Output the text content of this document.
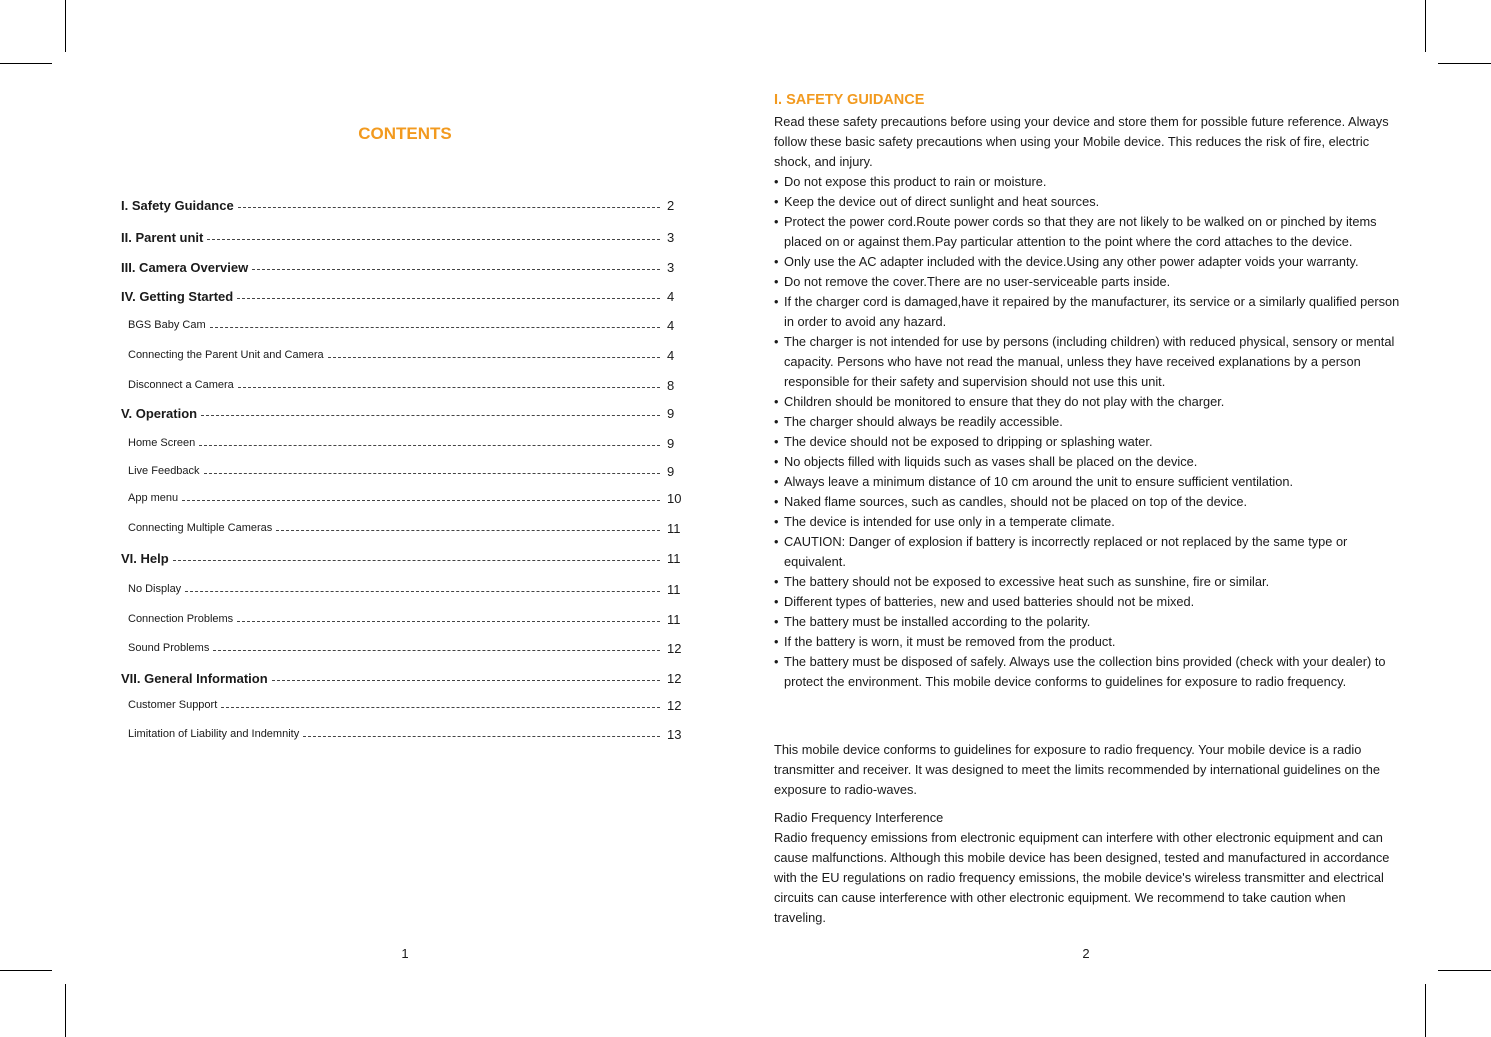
CONTENTS
I. Safety Guidance	2
II. Parent unit	3
III. Camera Overview	3
IV. Getting Started	4
BGS Baby Cam	4
Connecting the Parent Unit and Camera	4
Disconnect a Camera	8
V. Operation	9
Home Screen	9
Live Feedback	9
App menu	10
Connecting Multiple Cameras	11
VI. Help	11
No Display	11
Connection Problems	11
Sound Problems	12
VII. General Information	12
Customer Support	12
Limitation of Liability and Indemnity	13
1
I. SAFETY GUIDANCE

Read these safety precautions before using your device and store them for possible future reference. Always follow these basic safety precautions when using your Mobile device. This reduces the risk of fire, electric shock, and injury.

• Do not expose this product to rain or moisture.
• Keep the device out of direct sunlight and heat sources.
• Protect the power cord.Route power cords so that they are not likely to be walked on or pinched by items placed on or against them.Pay particular attention to the point where the cord attaches to the device.
• Only use the AC adapter included with the device.Using any other power adapter voids your warranty.
• Do not remove the cover.There are no user-serviceable parts inside.
• If the charger cord is damaged,have it repaired by the manufacturer, its service or a similarly qualified person in order to avoid any hazard.
• The charger is not intended for use by persons (including children) with reduced physical, sensory or mental capacity. Persons who have not read the manual, unless they have received explanations by a person responsible for their safety and supervision should not use this unit.
• Children should be monitored to ensure that they do not play with the charger.
• The charger should always be readily accessible.
• The device should not be exposed to dripping or splashing water.
• No objects filled with liquids such as vases shall be placed on the device.
• Always leave a minimum distance of 10 cm around the unit to ensure sufficient ventilation.
• Naked flame sources, such as candles, should not be placed on top of the device.
• The device is intended for use only in a temperate climate.
• CAUTION: Danger of explosion if battery is incorrectly replaced or not replaced by the same type or equivalent.
• The battery should not be exposed to excessive heat such as sunshine, fire or similar.
• Different types of batteries, new and used batteries should not be mixed.
• The battery must be installed according to the polarity.
• If the battery is worn, it must be removed from the product.
• The battery must be disposed of safely. Always use the collection bins provided (check with your dealer) to protect the environment. This mobile device conforms to guidelines for exposure to radio frequency.

This mobile device conforms to guidelines for exposure to radio frequency. Your mobile device is a radio transmitter and receiver. It was designed to meet the limits recommended by international guidelines on the exposure to radio-waves.

Radio Frequency Interference

Radio frequency emissions from electronic equipment can interfere with other electronic equipment and can cause malfunctions. Although this mobile device has been designed, tested and manufactured in accordance with the EU regulations on radio frequency emissions, the mobile device's wireless transmitter and electrical circuits can cause interference with other electronic equipment. We recommend to take caution when traveling.

2
